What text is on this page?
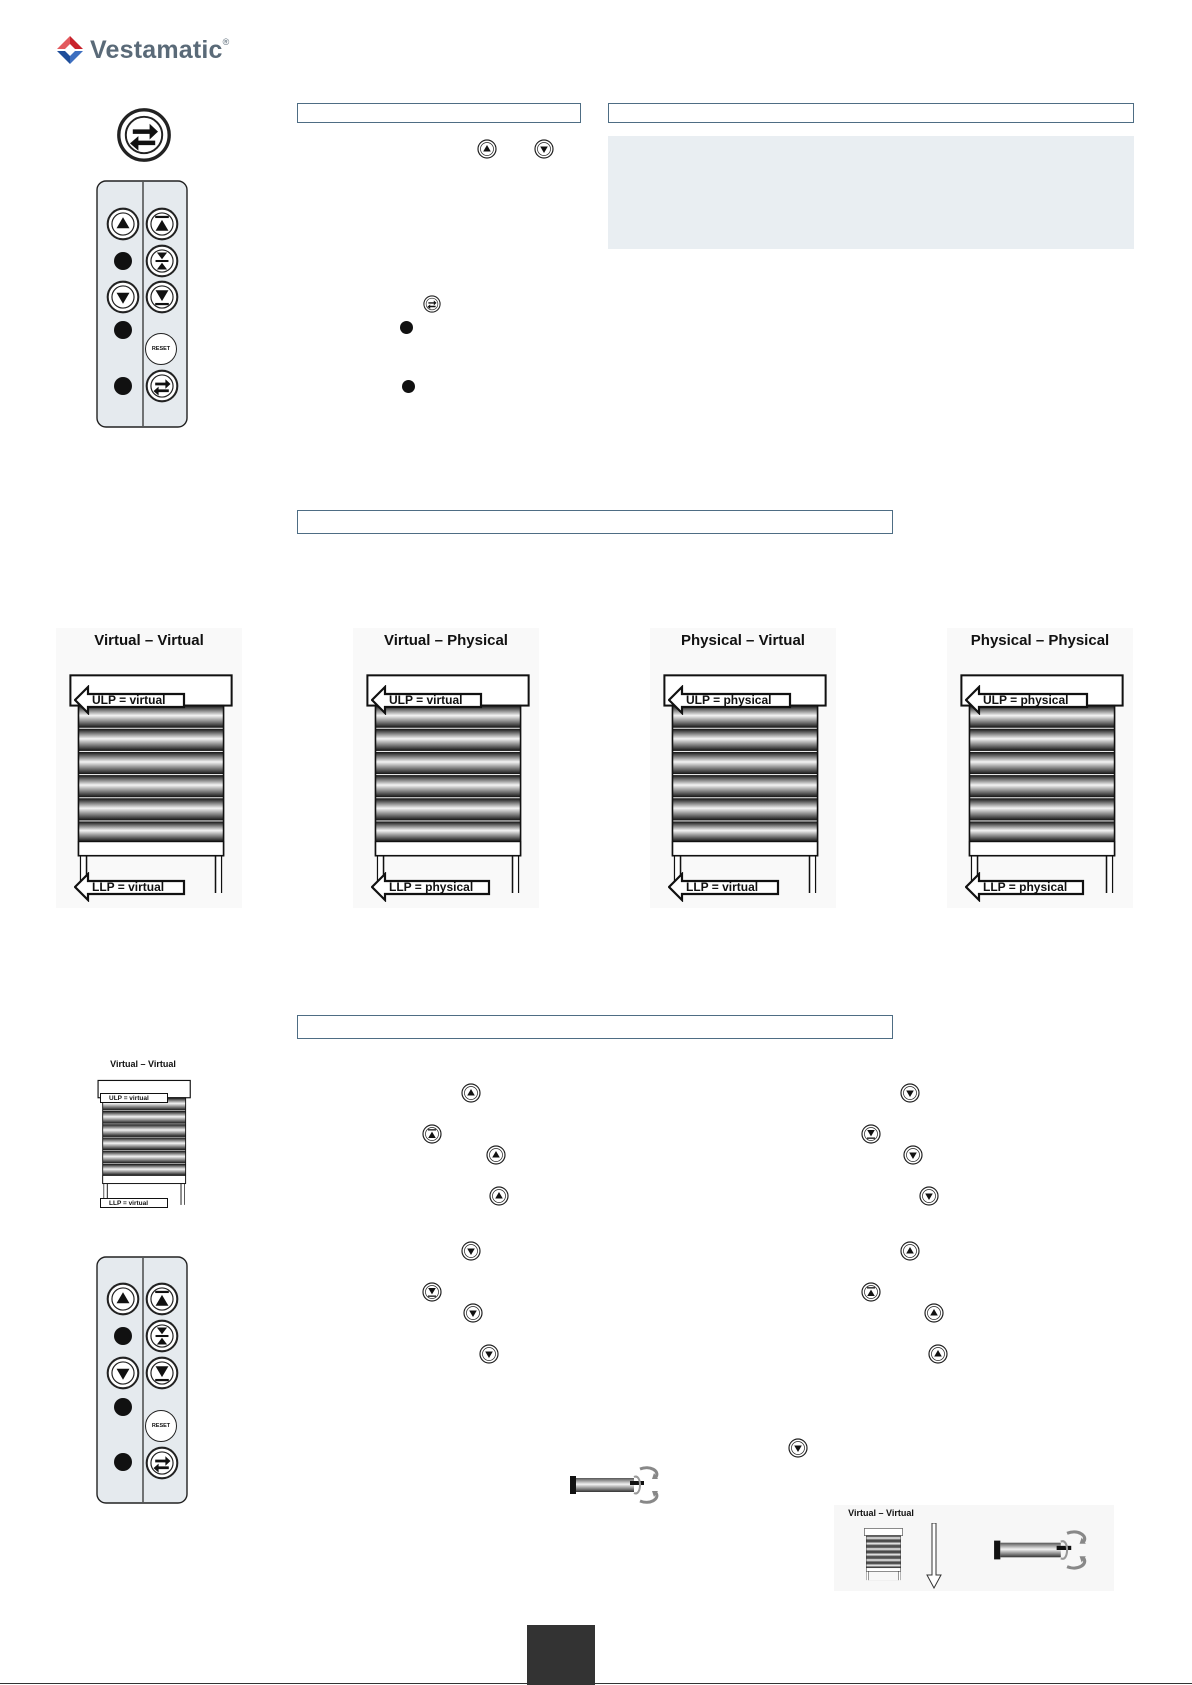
Vestamatic ®
RESET
Virtual – Virtual
ULP = virtual
LLP = virtual
Virtual – Physical
ULP = virtual
LLP = physical
Physical – Virtual
ULP = physical
LLP = virtual
Physical – Physical
ULP = physical
LLP = physical
Virtual – Virtual
ULP = virtual
LLP = virtual
RESET
Virtual – Virtual
